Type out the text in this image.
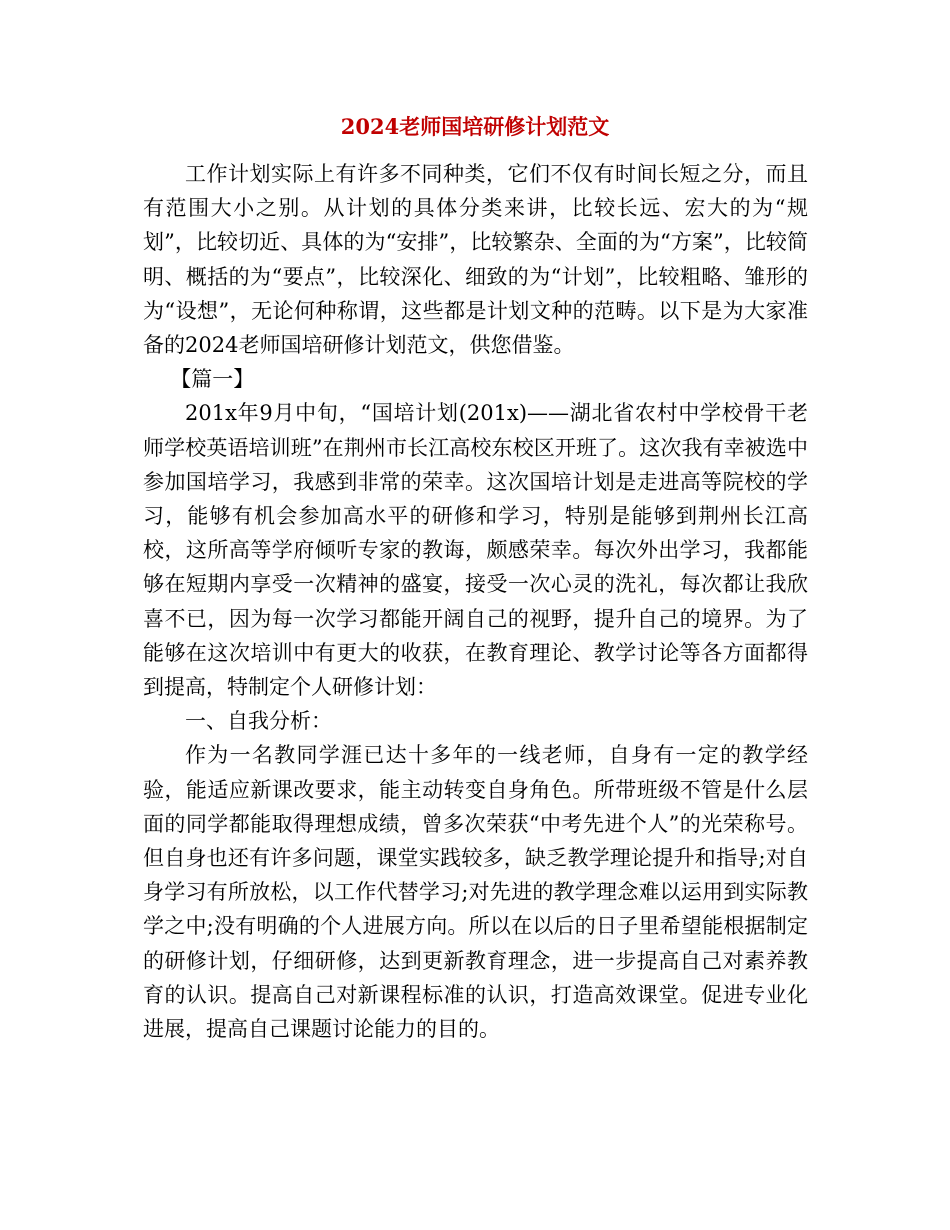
2024老师国培研修计划范文

工作计划实际上有许多不同种类，它们不仅有时间长短之分，而且有范围大小之别。从计划的具体分类来讲，比较长远、宏大的为“规划”，比较切近、具体的为“安排”，比较繁杂、全面的为“方案”，比较简明、概括的为“要点”，比较深化、细致的为“计划”，比较粗略、雏形的为“设想”，无论何种称谓，这些都是计划文种的范畴。以下是为大家准备的2024老师国培研修计划范文，供您借鉴。

【篇一】

201x年9月中旬，“国培计划(201x)——湖北省农村中学校骨干老师学校英语培训班”在荆州市长江高校东校区开班了。这次我有幸被选中参加国培学习，我感到非常的荣幸。这次国培计划是走进高等院校的学习，能够有机会参加高水平的研修和学习，特别是能够到荆州长江高校，这所高等学府倾听专家的教诲，颇感荣幸。每次外出学习，我都能够在短期内享受一次精神的盛宴，接受一次心灵的洗礼，每次都让我欣喜不已，因为每一次学习都能开阔自己的视野，提升自己的境界。为了能够在这次培训中有更大的收获，在教育理论、教学讨论等各方面都得到提高，特制定个人研修计划：

一、自我分析：

作为一名教同学涯已达十多年的一线老师，自身有一定的教学经验，能适应新课改要求，能主动转变自身角色。所带班级不管是什么层面的同学都能取得理想成绩，曾多次荣获“中考先进个人”的光荣称号。但自身也还有许多问题，课堂实践较多，缺乏教学理论提升和指导;对自身学习有所放松，以工作代替学习;对先进的教学理念难以运用到实际教学之中;没有明确的个人进展方向。所以在以后的日子里希望能根据制定的研修计划，仔细研修，达到更新教育理念，进一步提高自己对素养教育的认识。提高自己对新课程标准的认识，打造高效课堂。促进专业化进展，提高自己课题讨论能力的目的。
